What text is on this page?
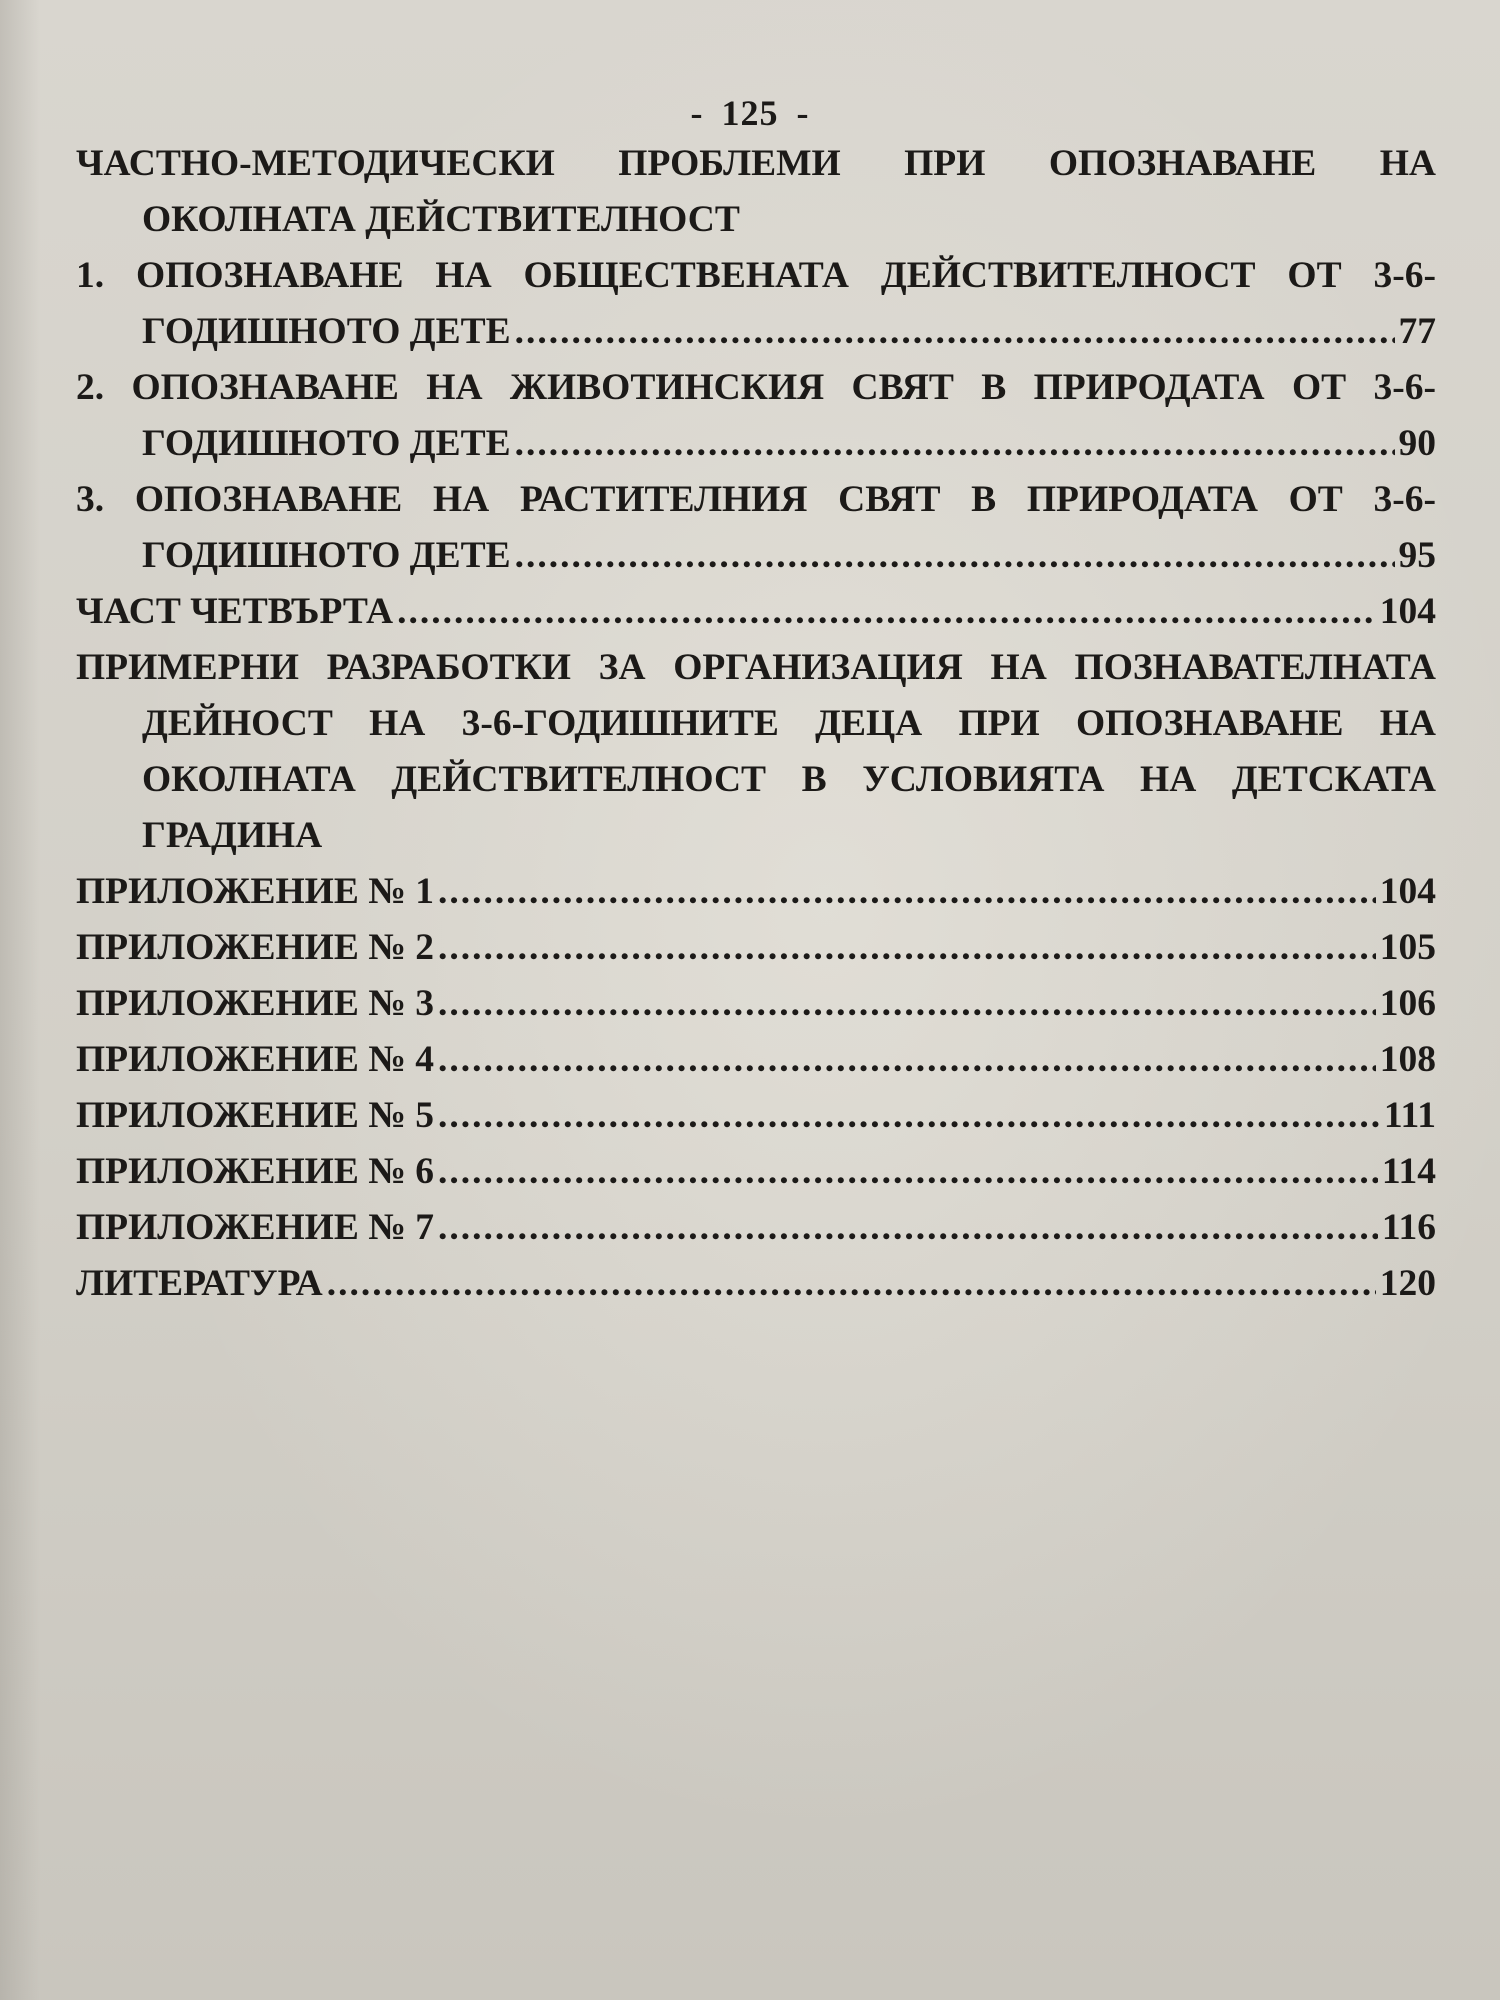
- 125 -
ЧАСТНО-МЕТОДИЧЕСКИ ПРОБЛЕМИ ПРИ ОПОЗНАВАНЕ НА ОКОЛНАТА ДЕЙСТВИТЕЛНОСТ
1. ОПОЗНАВАНЕ НА ОБЩЕСТВЕНАТА ДЕЙСТВИТЕЛНОСТ ОТ 3-6-
ГОДИШНОТО ДЕТЕ .....	77
2. ОПОЗНАВАНЕ НА ЖИВОТИНСКИЯ СВЯТ В ПРИРОДАТА ОТ 3-6-
ГОДИШНОТО ДЕТЕ .....	90
3. ОПОЗНАВАНЕ НА РАСТИТЕЛНИЯ СВЯТ В ПРИРОДАТА ОТ 3-6-
ГОДИШНОТО ДЕТЕ .....	95
ЧАСТ ЧЕТВЪРТА .....	104
ПРИМЕРНИ РАЗРАБОТКИ ЗА ОРГАНИЗАЦИЯ НА ПОЗНАВАТЕЛНАТА ДЕЙНОСТ НА 3-6-ГОДИШНИТЕ ДЕЦА ПРИ ОПОЗНАВАНЕ НА ОКОЛНАТА ДЕЙСТВИТЕЛНОСТ В УСЛОВИЯТА НА ДЕТСКАТА ГРАДИНА
ПРИЛОЖЕНИЕ № 1 .....	104
ПРИЛОЖЕНИЕ № 2 .....	105
ПРИЛОЖЕНИЕ № 3 .....	106
ПРИЛОЖЕНИЕ № 4 .....	108
ПРИЛОЖЕНИЕ № 5 .....	111
ПРИЛОЖЕНИЕ № 6 .....	114
ПРИЛОЖЕНИЕ № 7 .....	116
ЛИТЕРАТУРА .....	120
